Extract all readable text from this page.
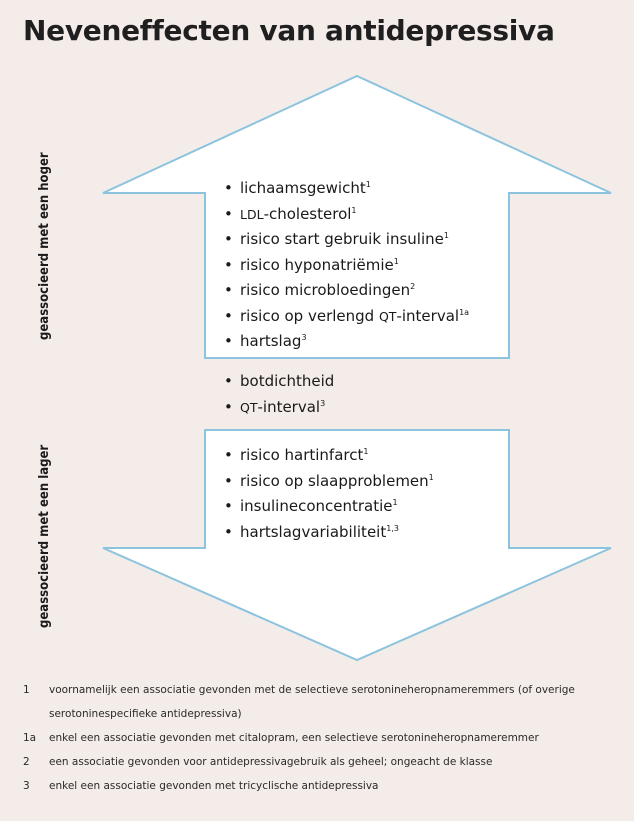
Neveneffecten van antidepressiva
geassocieerd met een hoger
geassocieerd met een lager
• lichaamsgewicht$^1$
• LDL-cholesterol$^1$
• risico start gebruik insuline$^1$
• risico hyponatriëmie$^1$
• risico microbloedingen$^2$
• risico op verlengd QT-interval$^{1a}$
• hartslag$^3$
• botdichtheid
• QT-interval$^3$
• risico hartinfarct$^1$
• risico op slaapproblemen$^1$
• insulineconcentratie$^1$
• hartslagvariabiliteit$^{1,3}$
1	voornamelijk een associatie gevonden met de selectieve serotonineheropnameremmers (of overige
serotoninespecifieke antidepressiva)
1a	enkel een associatie gevonden met citalopram, een selectieve serotonineheropnameremmer
2	een associatie gevonden voor antidepressivagebruik als geheel; ongeacht de klasse
3	enkel een associatie gevonden met tricyclische antidepressiva
